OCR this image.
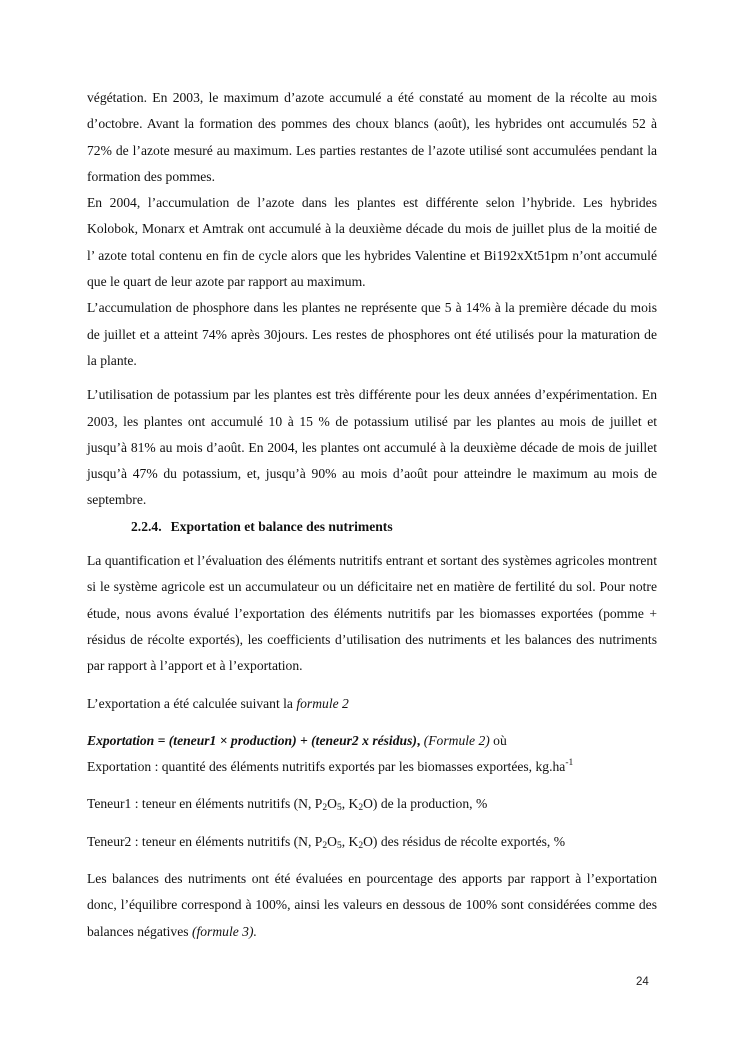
végétation. En 2003, le maximum d’azote accumulé a été constaté au moment de la récolte au mois d’octobre. Avant la formation des pommes des choux blancs (août), les hybrides ont accumulés 52 à 72% de l’azote mesuré au maximum. Les parties restantes de l’azote utilisé sont accumulées pendant la formation des pommes.

En 2004, l’accumulation de l’azote dans les plantes est différente selon l’hybride. Les hybrides Kolobok, Monarx et Amtrak ont accumulé à la deuxième décade du mois de juillet plus de la moitié de l’ azote total contenu en fin de cycle alors que les hybrides Valentine et Bi192xXt51pm n’ont accumulé que le quart de leur azote par rapport au maximum.

L’accumulation de phosphore dans les plantes ne représente que 5 à 14% à la première décade du mois de juillet et a atteint 74% après 30jours. Les restes de phosphores ont été utilisés pour la maturation de la plante.

L’utilisation de potassium par les plantes est très différente pour les deux années d’expérimentation. En 2003, les plantes ont accumulé 10 à 15 % de potassium utilisé par les plantes au mois de juillet et jusqu’à 81% au mois d’août. En 2004, les plantes ont accumulé à la deuxième décade de mois de juillet jusqu’à 47% du potassium, et, jusqu’à 90% au mois d’août pour atteindre le maximum au mois de septembre.

2.2.4. Exportation et balance des nutriments

La quantification et l’évaluation des éléments nutritifs entrant et sortant des systèmes agricoles montrent si le système agricole est un accumulateur ou un déficitaire net en matière de fertilité du sol. Pour notre étude, nous avons évalué l’exportation des éléments nutritifs par les biomasses exportées (pomme + résidus de récolte exportés), les coefficients d’utilisation des nutriments et les balances des nutriments par rapport à l’apport et à l’exportation.

L’exportation a été calculée suivant la formule 2

Exportation = (teneur1 × production) + (teneur2 x résidus), (Formule 2) où

Exportation : quantité des éléments nutritifs exportés par les biomasses exportées, $kg.ha^{-1}$

Teneur1 : teneur en éléments nutritifs (N, $P_2O_5$, $K_2O$) de la production, %

Teneur2 : teneur en éléments nutritifs (N, $P_2O_5$, $K_2O$) des résidus de récolte exportés, %

Les balances des nutriments ont été évaluées en pourcentage des apports par rapport à l’exportation donc, l’équilibre correspond à 100%, ainsi les valeurs en dessous de 100% sont considérées comme des balances négatives (formule 3).

24
